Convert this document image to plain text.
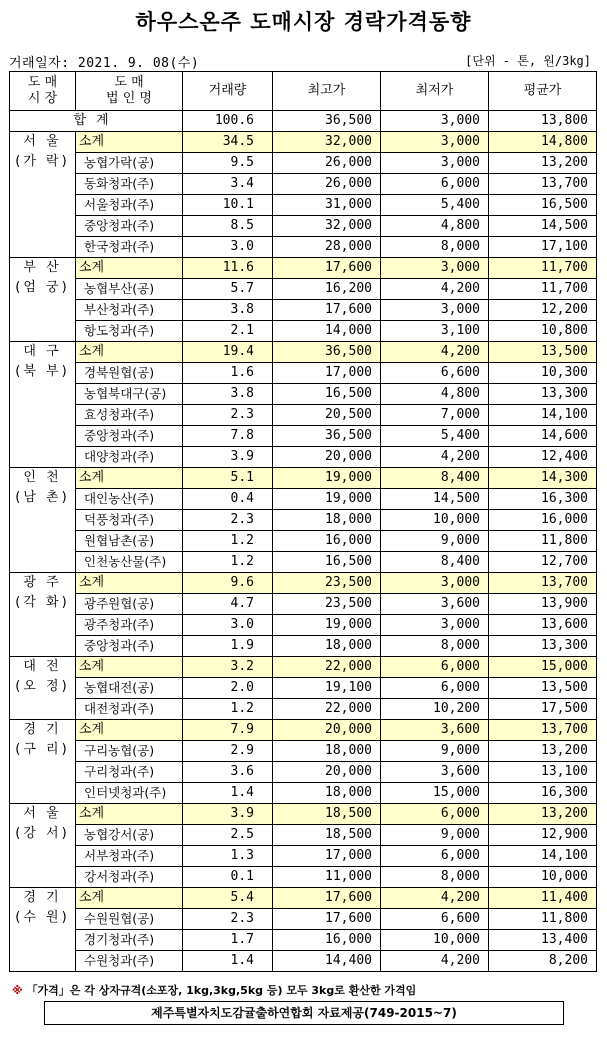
하우스온주 도매시장 경락가격동향
거래일자: 2021. 9. 08(수)	[단위 - 톤, 원/3kg]
도 매
시 장	도 매
법 인 명	거래량	최고가	최저가	평균가
합계		100.6	36,500	3,000	13,800

서 울
(가 락)	소계	34.5	32,000	3,000	14,800
	농협가락(공)	9.5	26,000	3,000	13,200
	동화청과(주)	3.4	26,000	6,000	13,700
	서울청과(주)	10.1	31,000	5,400	16,500
	중앙청과(주)	8.5	32,000	4,800	14,500
	한국청과(주)	3.0	28,000	8,000	17,100

부 산
(엄 궁)	소계	11.6	17,600	3,000	11,700
	농협부산(공)	5.7	16,200	4,200	11,700
	부산청과(주)	3.8	17,600	3,000	12,200
	항도청과(주)	2.1	14,000	3,100	10,800

대 구
(북 부)	소계	19.4	36,500	4,200	13,500
	경북원협(공)	1.6	17,000	6,600	10,300
	농협북대구(공)	3.8	16,500	4,800	13,300
	효성청과(주)	2.3	20,500	7,000	14,100
	중앙청과(주)	7.8	36,500	5,400	14,600
	대양청과(주)	3.9	20,000	4,200	12,400

인 천
(남 촌)	소계	5.1	19,000	8,400	14,300
	대인농산(주)	0.4	19,000	14,500	16,300
	덕풍청과(주)	2.3	18,000	10,000	16,000
	원협남촌(공)	1.2	16,000	9,000	11,800
	인천농산물(주)	1.2	16,500	8,400	12,700

광 주
(각 화)	소계	9.6	23,500	3,000	13,700
	광주원협(공)	4.7	23,500	3,600	13,900
	광주청과(주)	3.0	19,000	3,000	13,600
	중앙청과(주)	1.9	18,000	8,000	13,300

대 전
(오 정)	소계	3.2	22,000	6,000	15,000
	농협대전(공)	2.0	19,100	6,000	13,500
	대전청과(주)	1.2	22,000	10,200	17,500

경 기
(구 리)	소계	7.9	20,000	3,600	13,700
	구리농협(공)	2.9	18,000	9,000	13,200
	구리청과(주)	3.6	20,000	3,600	13,100
	인터넷청과(주)	1.4	18,000	15,000	16,300

서 울
(강 서)	소계	3.9	18,500	6,000	13,200
	농협강서(공)	2.5	18,500	9,000	12,900
	서부청과(주)	1.3	17,000	6,000	14,100
	강서청과(주)	0.1	11,000	8,000	10,000

경 기
(수 원)	소계	5.4	17,600	4,200	11,400
	수원원협(공)	2.3	17,600	6,600	11,800
	경기청과(주)	1.7	16,000	10,000	13,400
	수원청과(주)	1.4	14,400	4,200	8,200
※ 「가격」은 각 상자규격(소포장, 1kg,3kg,5kg 등) 모두 3kg로 환산한 가격임
제주특별자치도감귤출하연합회 자료제공(749-2015~7)
